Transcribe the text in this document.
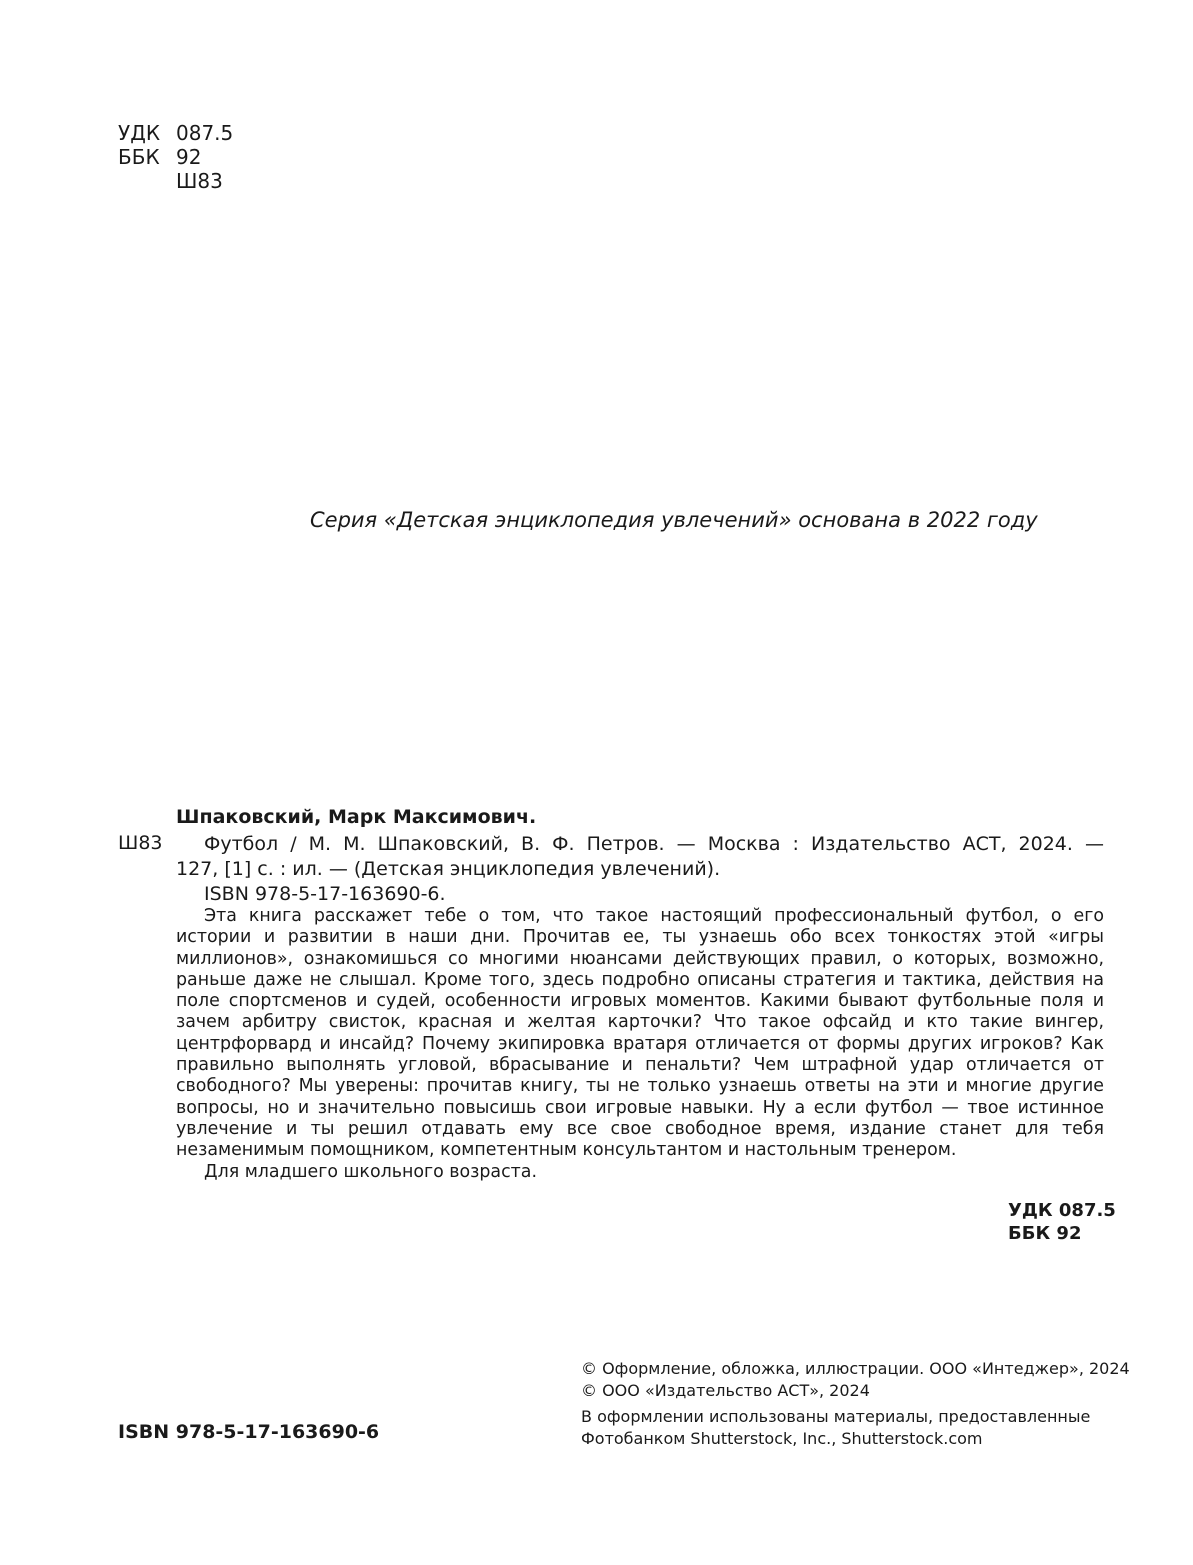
УДК 087.5
ББК 92
Ш83
Серия «Детская энциклопедия увлечений» основана в 2022 году
Шпаковский, Марк Максимович.
Ш83	Футбол / М. М. Шпаковский, В. Ф. Петров. — Москва : Издательство АСТ, 2024. —

127, [1] с. : ил. — (Детская энциклопедия увлечений).

ISBN 978-5-17-163690-6.

Эта книга расскажет тебе о том, что такое настоящий профессиональный футбол, о его истории и развитии в наши дни. Прочитав ее, ты узнаешь обо всех тонкостях этой «игры миллионов», ознакомишься со многими нюансами действующих правил, о которых, возможно, раньше даже не слышал. Кроме того, здесь подробно описаны стратегия и тактика, действия на поле спортсменов и судей, особенности игровых моментов. Какими бывают футбольные поля и зачем арбитру свисток, красная и желтая карточки? Что такое офсайд и кто такие вингер, центрфорвард и инсайд? Почему экипировка вратаря отличается от формы других игроков? Как правильно выполнять угловой, вбрасывание и пенальти? Чем штрафной удар отличается от свободного? Мы уверены: прочитав книгу, ты не только узнаешь ответы на эти и многие другие вопросы, но и значительно повысишь свои игровые навыки. Ну а если футбол — твое истинное увлечение и ты решил отдавать ему все свое свободное время, издание станет для тебя незаменимым помощником, компетентным консультантом и настольным тренером.

Для младшего школьного возраста.

УДК 087.5
ББК 92
© Оформление, обложка, иллюстрации. ООО «Интеджер», 2024
© ООО «Издательство АСТ», 2024
В оформлении использованы материалы, предоставленные
Фотобанком Shutterstock, Inc., Shutterstock.com
ISBN 978-5-17-163690-6
